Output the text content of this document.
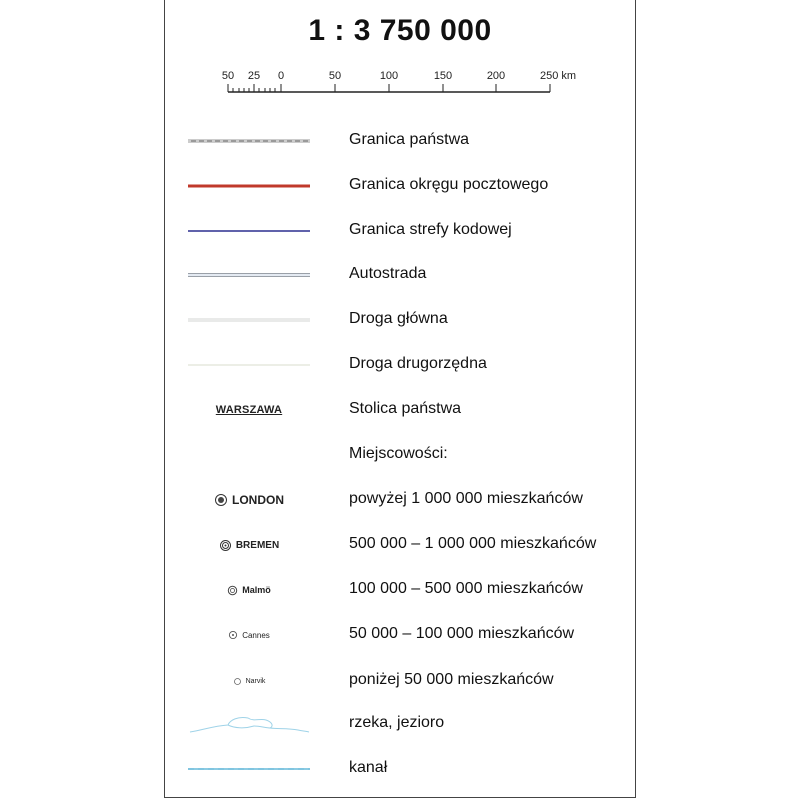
1 : 3 750 000
50 25 0	50	100	150	200	250 km
Granica państwa
Granica okręgu pocztowego
Granica strefy kodowej
Autostrada
Droga główna
Droga drugorzędna
WARSZAWA	Stolica państwa
Miejscowości:
LONDON	powyżej 1 000 000 mieszkańców
BREMEN	500 000 – 1 000 000 mieszkańców
Malmö	100 000 – 500 000 mieszkańców
Cannes	50 000 – 100 000 mieszkańców
Narvik	poniżej 50 000 mieszkańców
rzeka, jezioro
kanał
